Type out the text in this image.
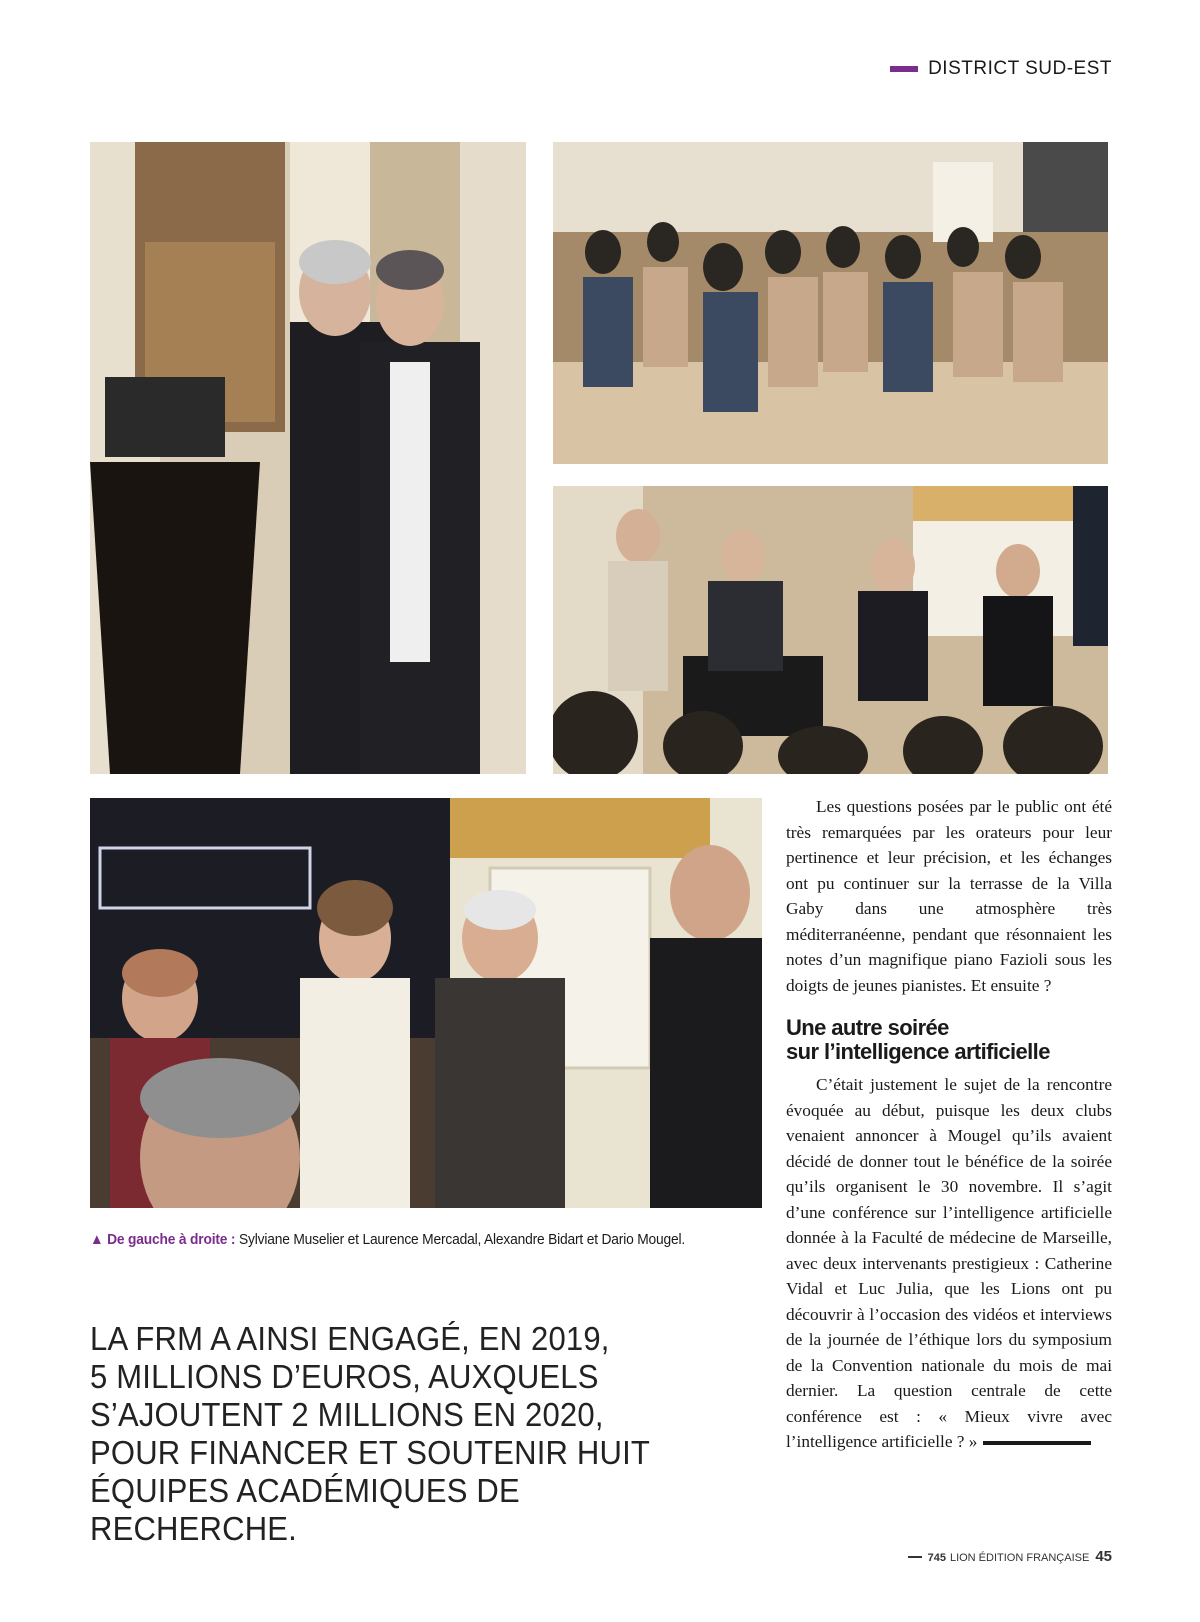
DISTRICT SUD-EST
▲ De gauche à droite : Sylviane Muselier et Laurence Mercadal, Alexandre Bidart et Dario Mougel.
LA FRM A AINSI ENGAGÉ, EN 2019,
5 MILLIONS D’EUROS, AUXQUELS
S’AJOUTENT 2 MILLIONS EN 2020,
POUR FINANCER ET SOUTENIR HUIT
ÉQUIPES ACADÉMIQUES DE RECHERCHE.

Les questions posées par le public ont été très remarquées par les orateurs pour leur pertinence et leur précision, et les échanges ont pu continuer sur la terrasse de la Villa Gaby dans une atmosphère très méditerranéenne, pendant que résonnaient les notes d’un magnifique piano Fazioli sous les doigts de jeunes pianistes. Et ensuite ?

Une autre soirée
sur l’intelligence artificielle

C’était justement le sujet de la rencontre évoquée au début, puisque les deux clubs venaient annoncer à Mougel qu’ils avaient décidé de donner tout le bénéfice de la soirée qu’ils organisent le 30 novembre. Il s’agit d’une conférence sur l’intelligence artificielle donnée à la Faculté de médecine de Marseille, avec deux intervenants prestigieux : Catherine Vidal et Luc Julia, que les Lions ont pu découvrir à l’occasion des vidéos et interviews de la journée de l’éthique lors du symposium de la Convention nationale du mois de mai dernier. La question centrale de cette conférence est : « Mieux vivre avec l’intelligence artificielle ? »

745 LION ÉDITION FRANÇAISE 45
